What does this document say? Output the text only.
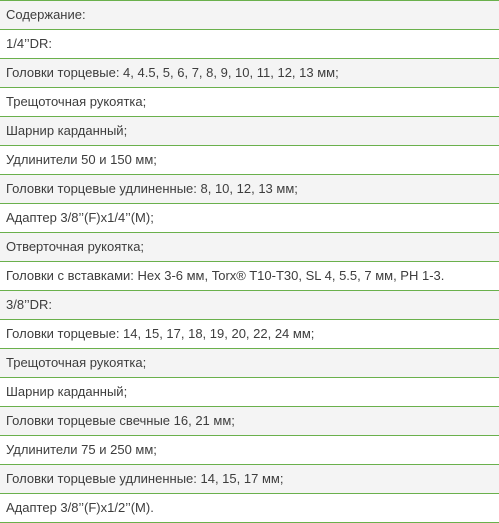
Содержание:
1/4’’DR:
Головки торцевые: 4, 4.5, 5, 6, 7, 8, 9, 10, 11, 12, 13 мм;
Трещоточная рукоятка;
Шарнир карданный;
Удлинители 50 и 150 мм;
Головки торцевые удлиненные: 8, 10, 12, 13 мм;
Адаптер 3/8’’(F)x1/4’’(M);
Отверточная рукоятка;
Головки с вставками: Hex 3-6 мм, Torx® T10-T30, SL 4, 5.5, 7 мм, PH 1-3.
3/8’’DR:
Головки торцевые: 14, 15, 17, 18, 19, 20, 22, 24 мм;
Трещоточная рукоятка;
Шарнир карданный;
Головки торцевые свечные 16, 21 мм;
Удлинители 75 и 250 мм;
Головки торцевые удлиненные: 14, 15, 17 мм;
Адаптер 3/8’’(F)x1/2’’(M).
